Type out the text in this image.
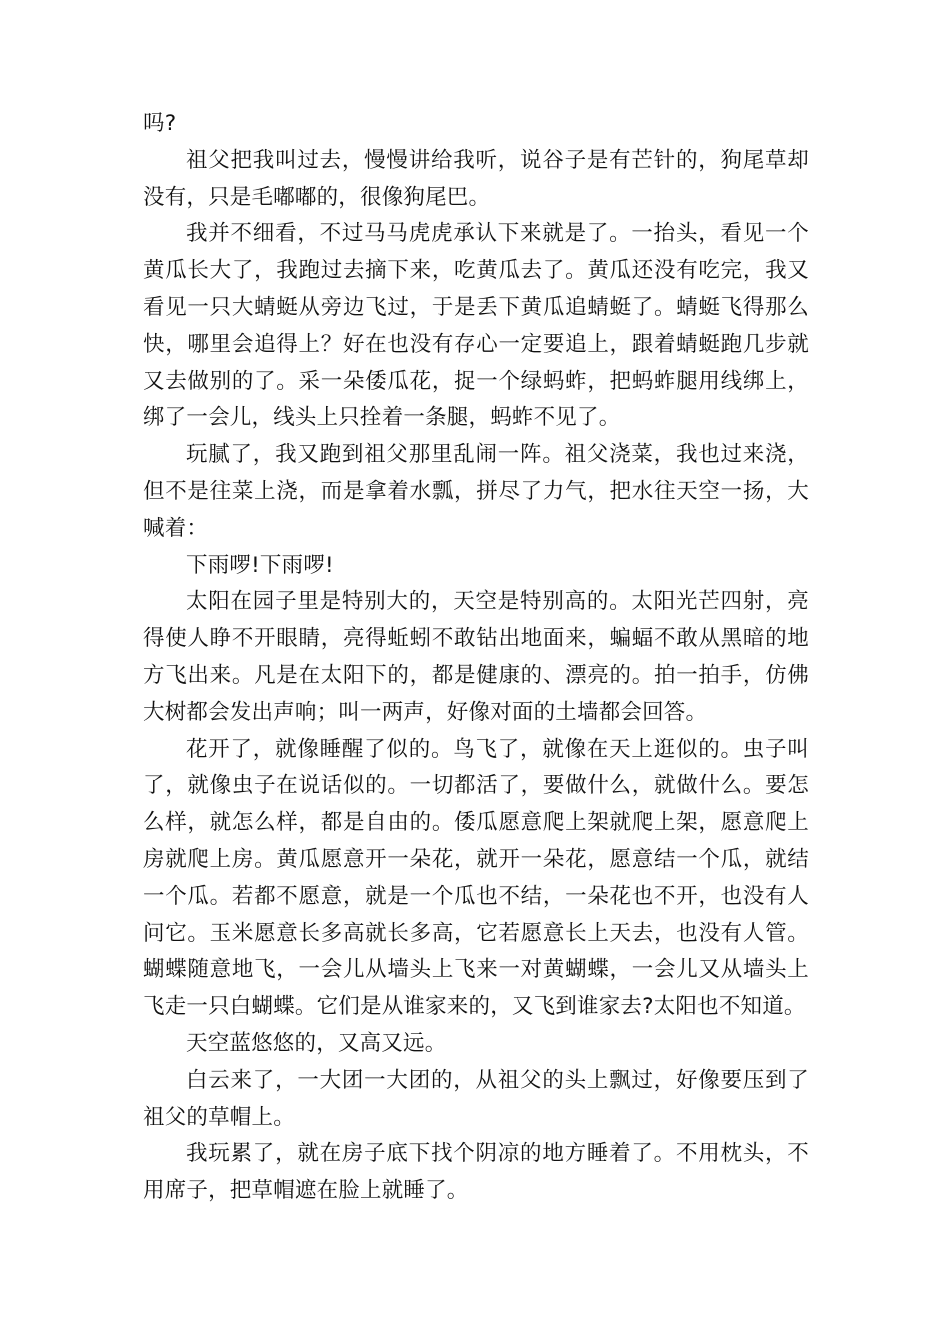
吗?

祖父把我叫过去，慢慢讲给我听，说谷子是有芒针的，狗尾草却没有，只是毛嘟嘟的，很像狗尾巴。

我并不细看，不过马马虎虎承认下来就是了。一抬头，看见一个黄瓜长大了，我跑过去摘下来，吃黄瓜去了。黄瓜还没有吃完，我又看见一只大蜻蜓从旁边飞过，于是丢下黄瓜追蜻蜓了。蜻蜓飞得那么快，哪里会追得上？好在也没有存心一定要追上，跟着蜻蜓跑几步就又去做别的了。采一朵倭瓜花，捉一个绿蚂蚱，把蚂蚱腿用线绑上，绑了一会儿，线头上只拴着一条腿，蚂蚱不见了。

玩腻了，我又跑到祖父那里乱闹一阵。祖父浇菜，我也过来浇，但不是往菜上浇，而是拿着水瓢，拼尽了力气，把水往天空一扬，大喊着：

下雨啰!下雨啰!

太阳在园子里是特别大的，天空是特别高的。太阳光芒四射，亮得使人睁不开眼睛，亮得蚯蚓不敢钻出地面来，蝙蝠不敢从黑暗的地方飞出来。凡是在太阳下的，都是健康的、漂亮的。拍一拍手，仿佛大树都会发出声响；叫一两声，好像对面的土墙都会回答。

花开了，就像睡醒了似的。鸟飞了，就像在天上逛似的。虫子叫了，就像虫子在说话似的。一切都活了，要做什么，就做什么。要怎么样，就怎么样，都是自由的。倭瓜愿意爬上架就爬上架，愿意爬上房就爬上房。黄瓜愿意开一朵花，就开一朵花，愿意结一个瓜，就结一个瓜。若都不愿意，就是一个瓜也不结，一朵花也不开，也没有人问它。玉米愿意长多高就长多高，它若愿意长上天去，也没有人管。蝴蝶随意地飞，一会儿从墙头上飞来一对黄蝴蝶，一会儿又从墙头上飞走一只白蝴蝶。它们是从谁家来的，又飞到谁家去?太阳也不知道。

天空蓝悠悠的，又高又远。

白云来了，一大团一大团的，从祖父的头上飘过，好像要压到了祖父的草帽上。

我玩累了，就在房子底下找个阴凉的地方睡着了。不用枕头，不用席子，把草帽遮在脸上就睡了。
